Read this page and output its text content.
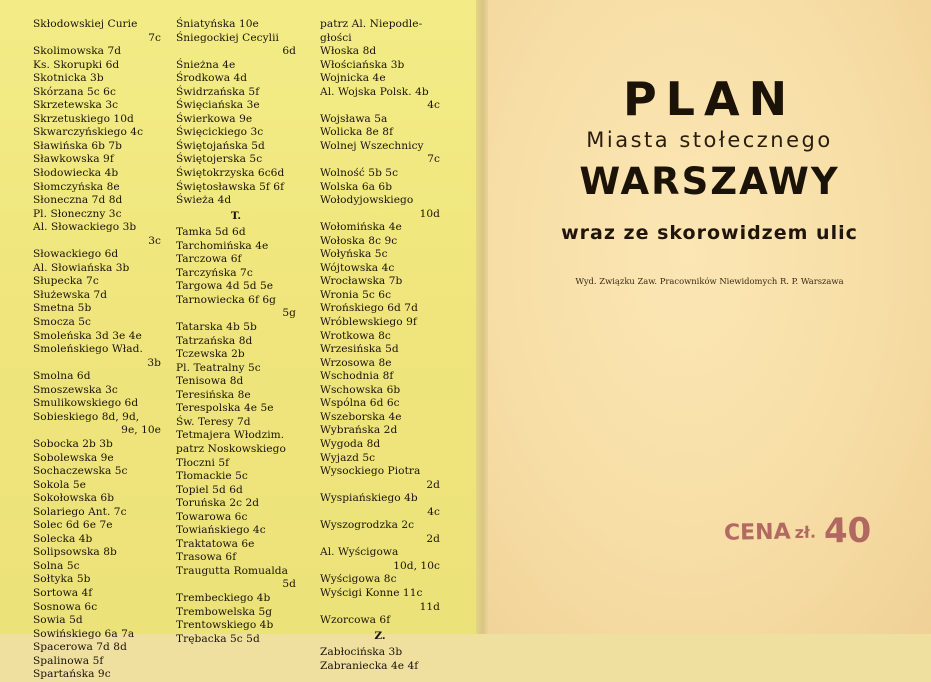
Skłodowskiej Curie
7c
Skolimowska 7d
Ks. Skorupki 6d
Skotnicka 3b
Skórzana 5c 6c
Skrzetewska 3c
Skrzetuskiego 10d
Skwarczyńskiego 4c
Sławińska 6b 7b
Sławkowska 9f
Słodowiecka 4b
Słomczyńska 8e
Słoneczna 7d 8d
Pl. Słoneczny 3c
Al. Słowackiego 3b
3c
Słowackiego 6d
Al. Słowiańska 3b
Słupecka 7c
Służewska 7d
Smetna 5b
Smocza 5c
Smoleńska 3d 3e 4e
Smoleńskiego Wład.
3b
Smolna 6d
Smoszewska 3c
Smulikowskiego 6d
Sobieskiego 8d, 9d,
9e, 10e
Sobocka 2b 3b
Sobolewska 9e
Sochaczewska 5c
Sokola 5e
Sokołowska 6b
Solariego Ant. 7c
Solec 6d 6e 7e
Solecka 4b
Solipsowska 8b
Solna 5c
Sołtyka 5b
Sortowa 4f
Sosnowa 6c
Sowia 5d
Sowińskiego 6a 7a
Spacerowa 7d 8d
Spalinowa 5f
Spartańska 9c
Śniatyńska 10e
Śniegockiej Cecylii
6d
Śnieżna 4e
Środkowa 4d
Świdrzańska 5f
Święciańska 3e
Świerkowa 9e
Święcickiego 3c
Świętojańska 5d
Świętojerska 5c
Świętokrzyska 6c6d
Świętosławska 5f 6f
Świeża 4d
T.
Tamka 5d 6d
Tarchomińska 4e
Tarczowa 6f
Tarczyńska 7c
Targowa 4d 5d 5e
Tarnowiecka 6f 6g
5g
Tatarska 4b 5b
Tatrzańska 8d
Tczewska 2b
Pl. Teatralny 5c
Tenisowa 8d
Teresińska 8e
Terespolska 4e 5e
Św. Teresy 7d
Tetmajera Włodzim.
patrz Noskowskiego
Tłoczni 5f
Tłomackie 5c
Topiel 5d 6d
Toruńska 2c 2d
Towarowa 6c
Towiańskiego 4c
Traktatowa 6e
Trasowa 6f
Traugutta Romualda
5d
Trembeckiego 4b
Trembowelska 5g
Trentowskiego 4b
Trębacka 5c 5d
patrz Al. Niepodle-
głości
Włoska 8d
Włościańska 3b
Wojnicka 4e
Al. Wojska Polsk. 4b
4c
Wojsława 5a
Wolicka 8e 8f
Wolnej Wszechnicy
7c
Wolność 5b 5c
Wolska 6a 6b
Wołodyjowskiego
10d
Wołomińska 4e
Wołoska 8c 9c
Wołyńska 5c
Wójtowska 4c
Wrocławska 7b
Wronia 5c 6c
Wrońskiego 6d 7d
Wróblewskiego 9f
Wrotkowa 8c
Wrzesińska 5d
Wrzosowa 8e
Wschodnia 8f
Wschowska 6b
Wspólna 6d 6c
Wszeborska 4e
Wybrańska 2d
Wygoda 8d
Wyjazd 5c
Wysockiego Piotra
2d
Wyspiańskiego 4b
4c
Wyszogrodzka 2c
2d
Al. Wyścigowa
10d, 10c
Wyścigowa 8c
Wyścigi Konne 11c
11d
Wzorcowa 6f
Z.
Zabłocińska 3b
Zabraniecka 4e 4f
PLAN
Miasta stołecznego
WARSZAWY
wraz ze skorowidzem ulic
Wyd. Związku Zaw. Pracowników Niewidomych R. P. Warszawa
CENA zł. 40
